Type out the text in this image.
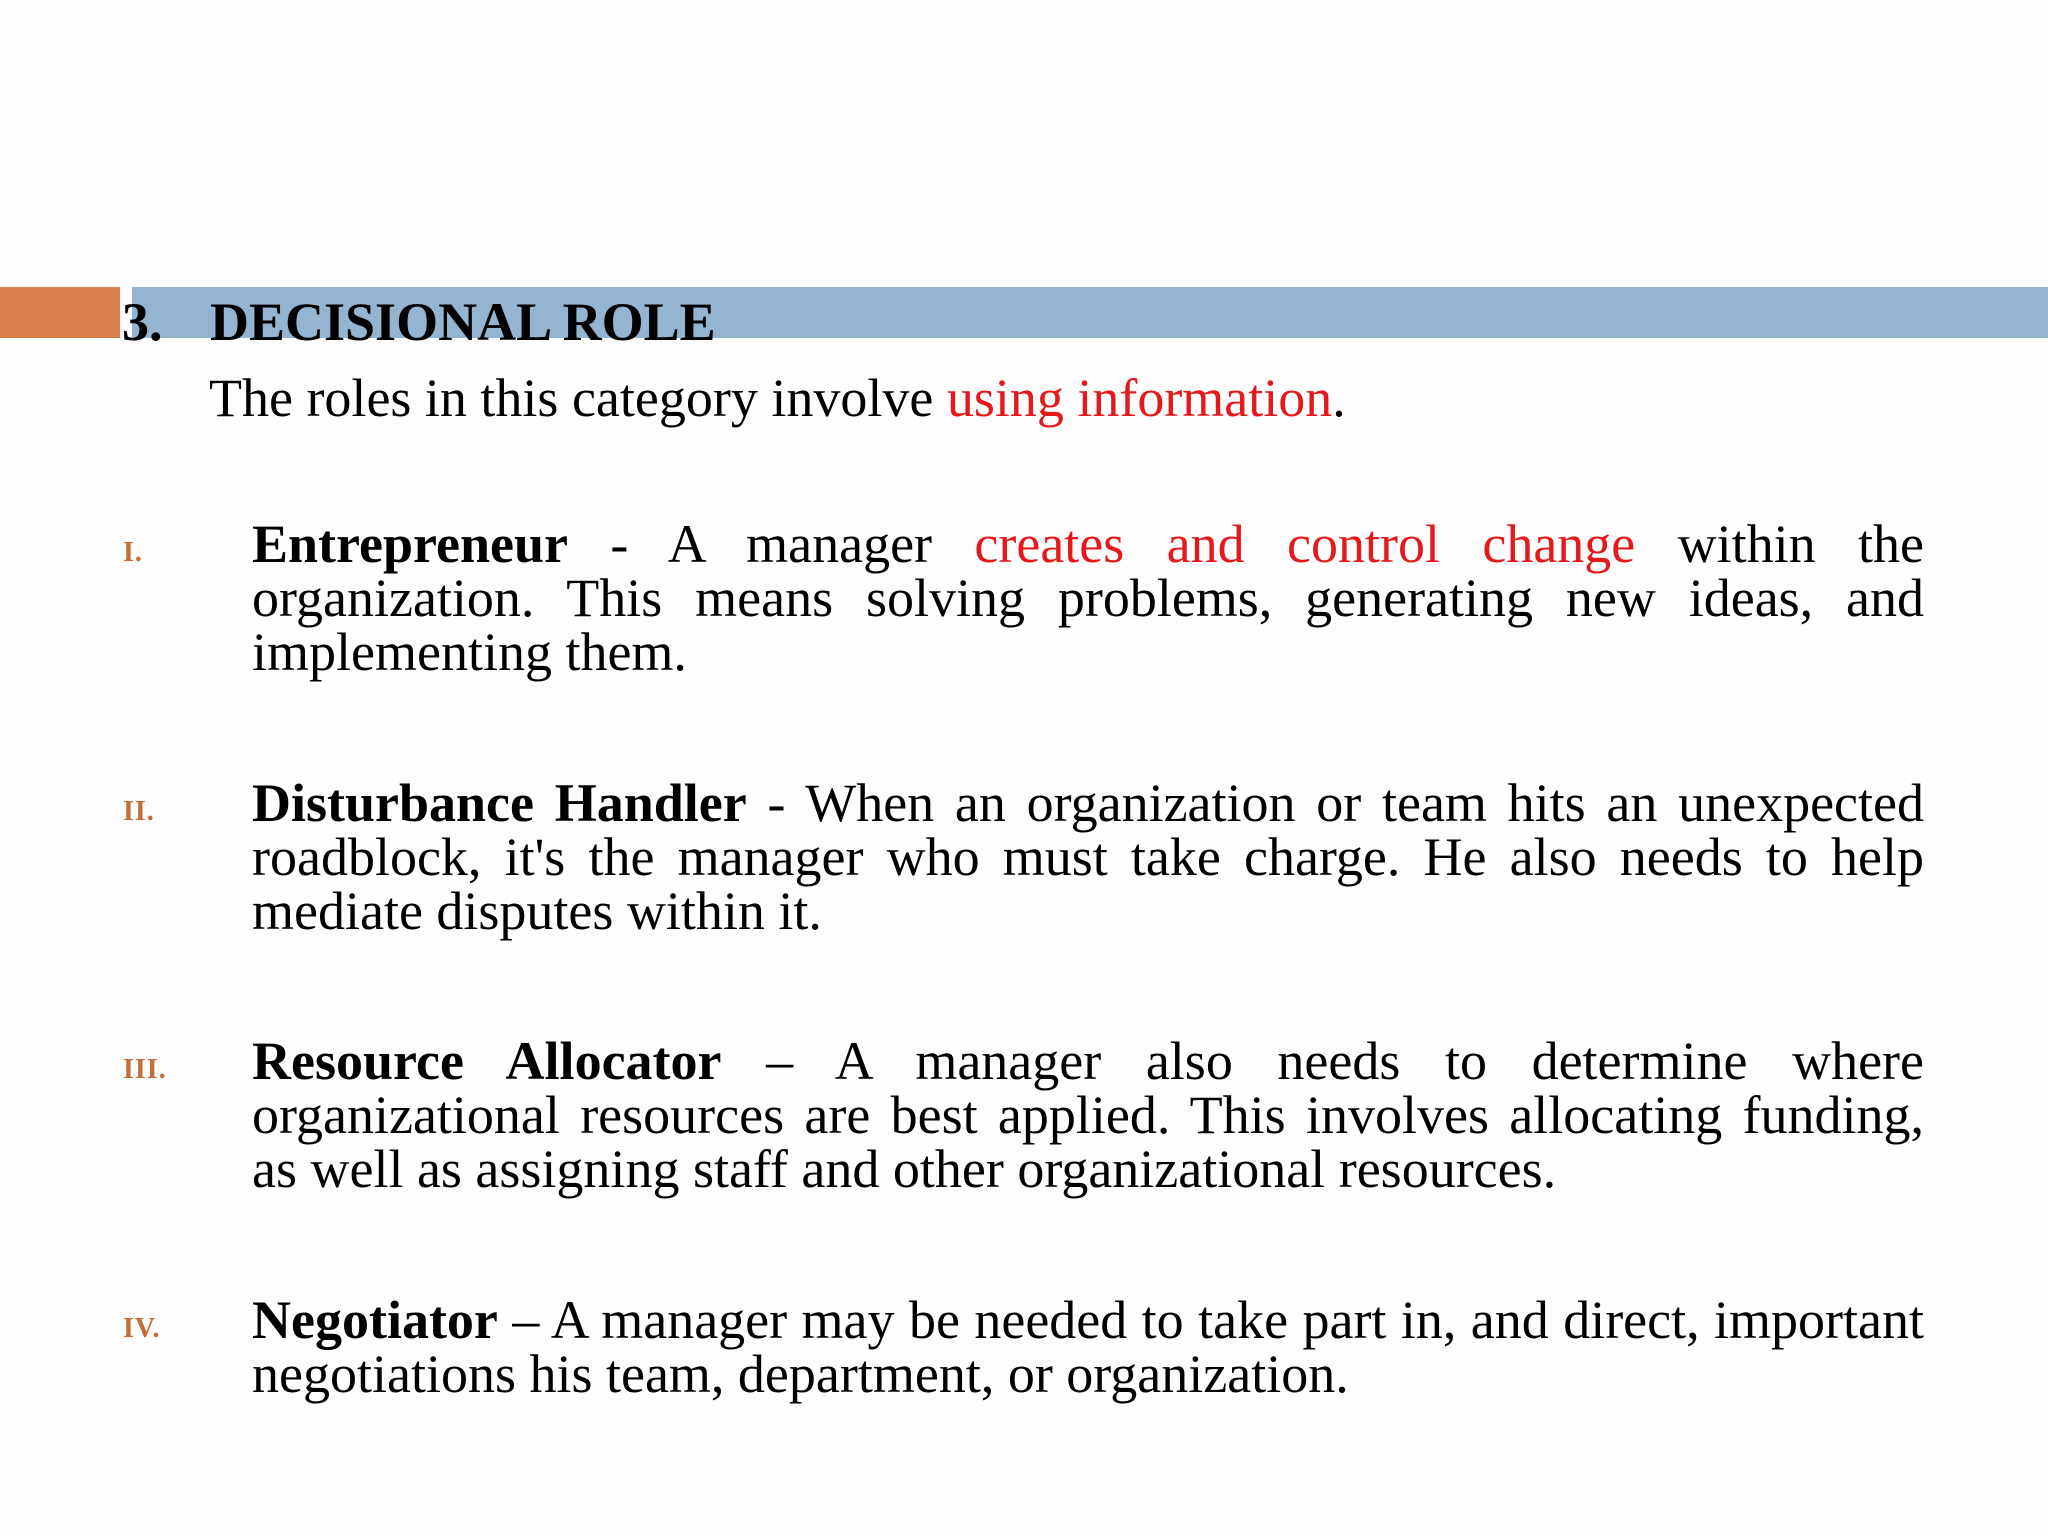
3. DECISIONAL ROLE
The roles in this category involve using information.
I. Entrepreneur - A manager creates and control change within the organization. This means solving problems, generating new ideas, and implementing them.
II. Disturbance Handler - When an organization or team hits an unexpected roadblock, it's the manager who must take charge. He also needs to help mediate disputes within it.
III. Resource Allocator – A manager also needs to determine where organizational resources are best applied. This involves allocating funding, as well as assigning staff and other organizational resources.
IV. Negotiator – A manager may be needed to take part in, and direct, important negotiations his team, department, or organization.
